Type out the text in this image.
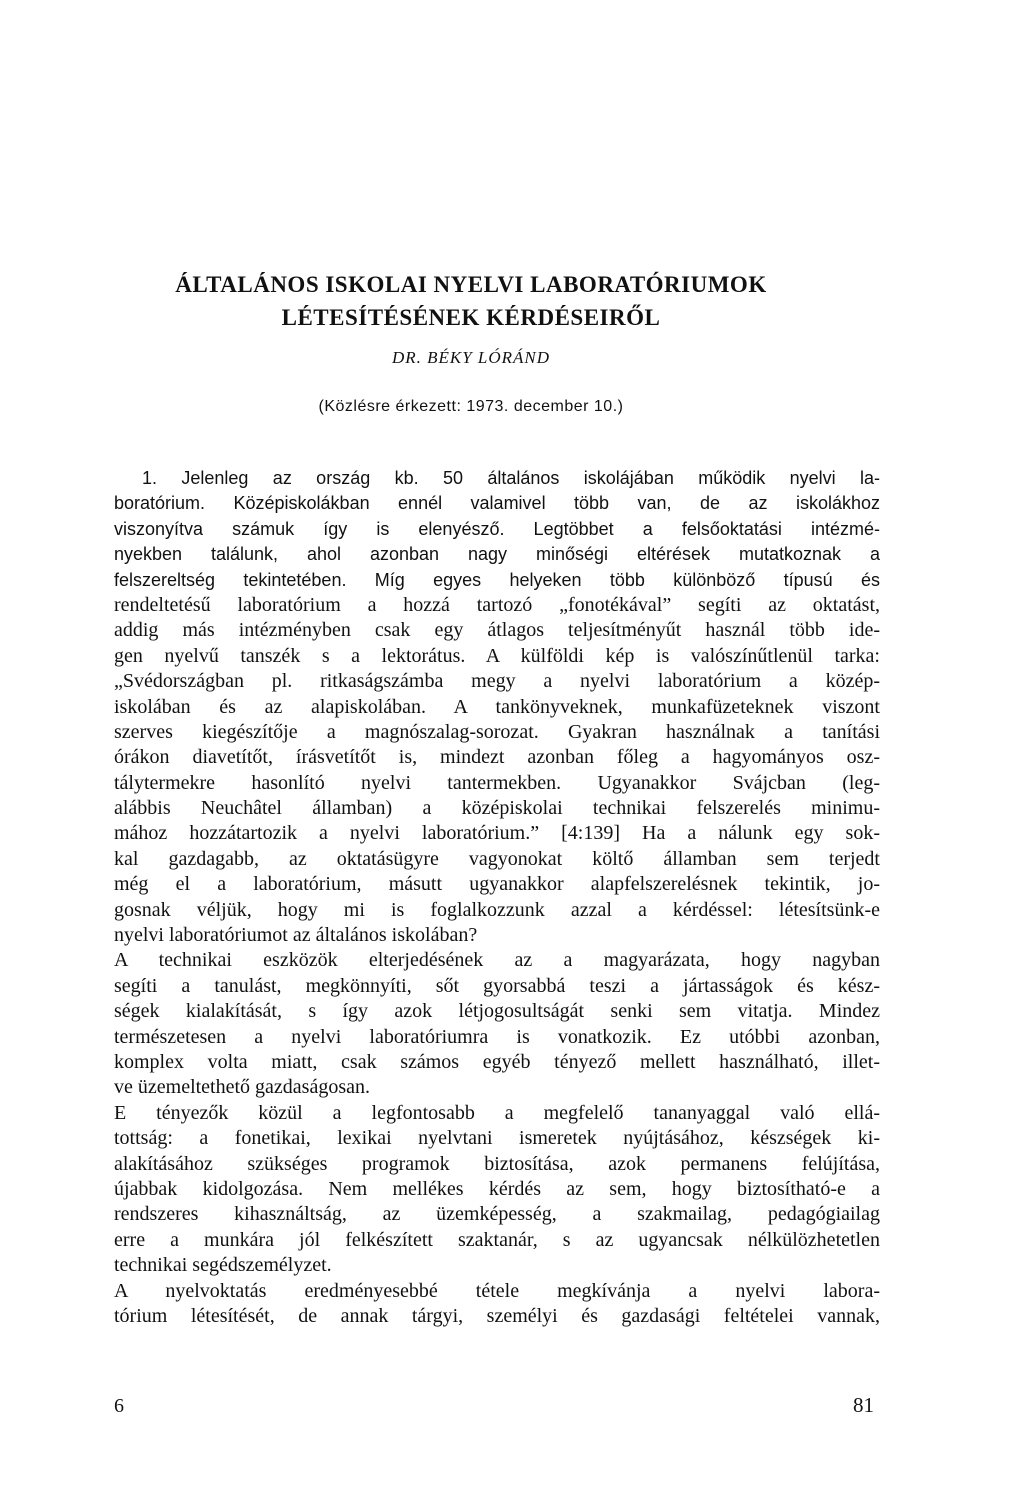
ÁLTALÁNOS ISKOLAI NYELVI LABORATÓRIUMOK
LÉTESÍTÉSÉNEK KÉRDÉSEIRŐL
DR. BÉKY LÓRÁND
(Közlésre érkezett: 1973. december 10.)
1. Jelenleg az ország kb. 50 általános iskolájában működik nyelvi la-
boratórium. Középiskolákban ennél valamivel több van, de az iskolákhoz
viszonyítva számuk így is elenyésző. Legtöbbet a felsőoktatási intézmé-
nyekben találunk, ahol azonban nagy minőségi eltérések mutatkoznak a
felszereltség tekintetében. Míg egyes helyeken több különböző típusú és
rendeltetésű laboratórium a hozzá tartozó „fonotékával” segíti az oktatást,
addig más intézményben csak egy átlagos teljesítményűt használ több ide-
gen nyelvű tanszék s a lektorátus. A külföldi kép is valószínűtlenül tarka:
„Svédországban pl. ritkaságszámba megy a nyelvi laboratórium a közép-
iskolában és az alapiskolában. A tankönyveknek, munkafüzeteknek viszont
szerves kiegészítője a magnószalag-sorozat. Gyakran használnak a tanítási
órákon diavetítőt, írásvetítőt is, mindezt azonban főleg a hagyományos osz-
tálytermekre hasonlító nyelvi tantermekben. Ugyanakkor Svájcban (leg-
alábbis Neuchâtel államban) a középiskolai technikai felszerelés minimu-
mához hozzátartozik a nyelvi laboratórium.” [4:139] Ha a nálunk egy sok-
kal gazdagabb, az oktatásügyre vagyonokat költő államban sem terjedt
még el a laboratórium, másutt ugyanakkor alapfelszerelésnek tekintik, jo-
gosnak véljük, hogy mi is foglalkozzunk azzal a kérdéssel: létesítsünk-e
nyelvi laboratóriumot az általános iskolában?
A technikai eszközök elterjedésének az a magyarázata, hogy nagyban
segíti a tanulást, megkönnyíti, sőt gyorsabbá teszi a jártasságok és kész-
ségek kialakítását, s így azok létjogosultságát senki sem vitatja. Mindez
természetesen a nyelvi laboratóriumra is vonatkozik. Ez utóbbi azonban,
komplex volta miatt, csak számos egyéb tényező mellett használható, illet-
ve üzemeltethető gazdaságosan.
E tényezők közül a legfontosabb a megfelelő tananyaggal való ellá-
tottság: a fonetikai, lexikai nyelvtani ismeretek nyújtásához, készségek ki-
alakításához szükséges programok biztosítása, azok permanens felújítása,
újabbak kidolgozása. Nem mellékes kérdés az sem, hogy biztosítható-e a
rendszeres kihasználtság, az üzemképesség, a szakmailag, pedagógiailag
erre a munkára jól felkészített szaktanár, s az ugyancsak nélkülözhetetlen
technikai segédszemélyzet.
A nyelvoktatás eredményesebbé tétele megkívánja a nyelvi labora-
tórium létesítését, de annak tárgyi, személyi és gazdasági feltételei vannak,
6	81
